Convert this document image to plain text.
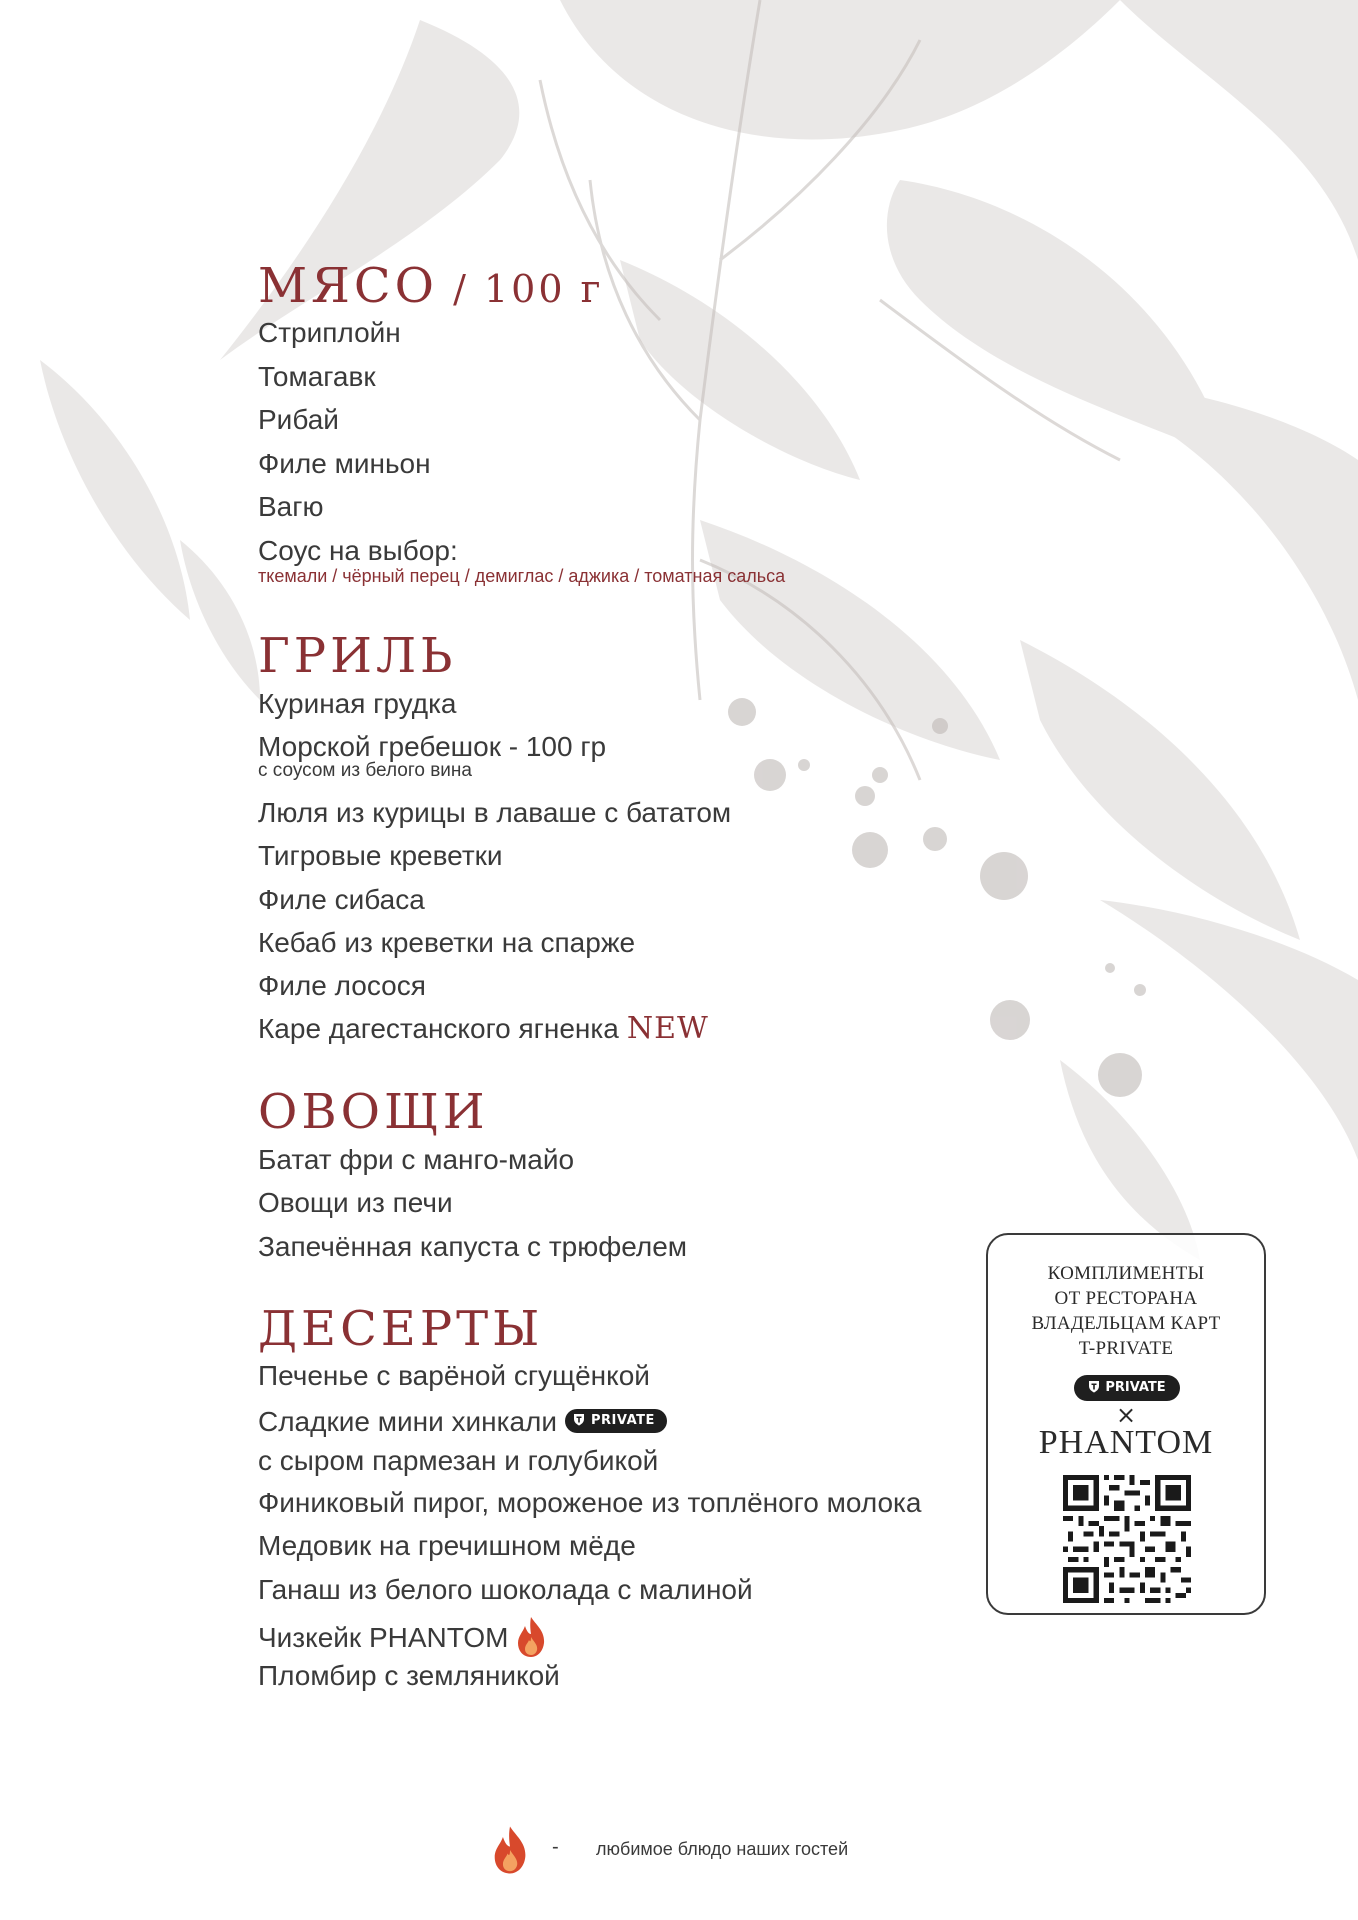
МЯСО / 100 г
Стриплойн
Томагавк
Рибай
Филе миньон
Вагю
Соус на выбор:
ткемали / чёрный перец / демиглас / аджика / томатная сальса
ГРИЛЬ
Куриная грудка
Морской гребешок - 100 гр
с соусом из белого вина
Люля из курицы в лаваше с бататом
Тигровые креветки
Филе сибаса
Кебаб из креветки на спарже
Филе лосося
Каре дагестанского ягненка NEW
ОВОЩИ
Батат фри с манго-майо
Овощи из печи
Запечённая капуста с трюфелем
ДЕСЕРТЫ
Печенье с варёной сгущёнкой
Сладкие мини хинкали	PRIVATE
с сыром пармезан и голубикой
Финиковый пирог, мороженое из топлёного молока
Медовик на гречишном мёде
Ганаш из белого шоколада с малиной
Чизкейк PHANTOM
Пломбир с земляникой
КОМПЛИМЕНТЫ
ОТ РЕСТОРАНА
ВЛАДЕЛЬЦАМ КАРТ
T-PRIVATE
PRIVATE
×
PHANTOM
- любимое блюдо наших гостей
